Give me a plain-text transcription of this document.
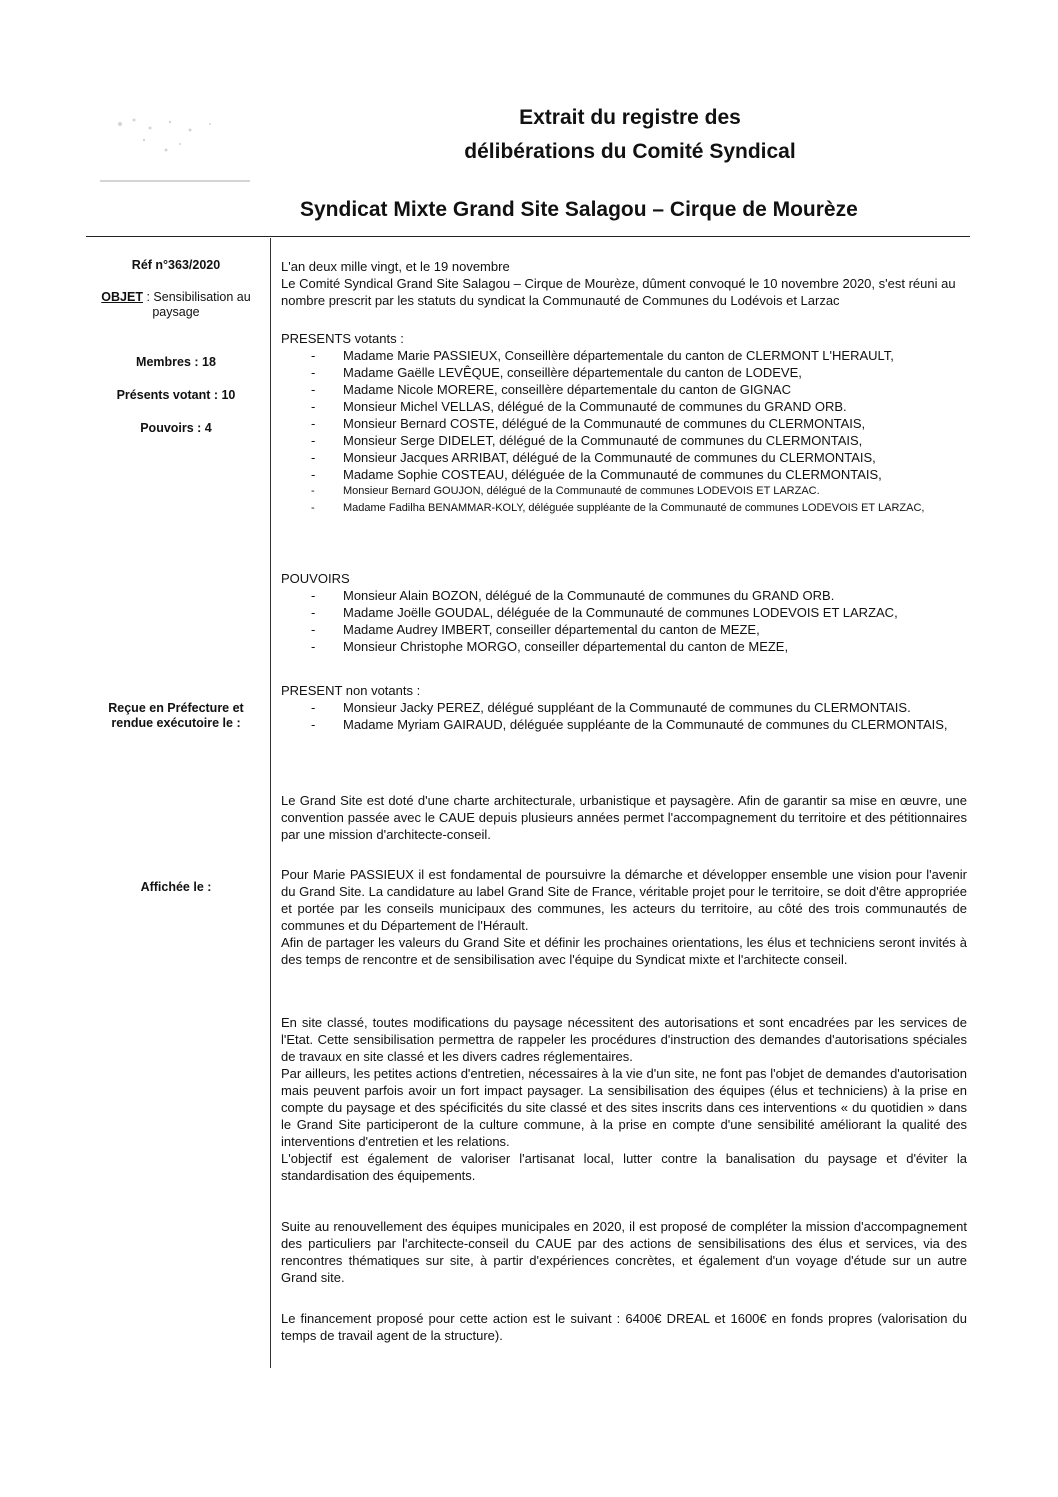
Extrait du registre des
délibérations du Comité Syndical
Syndicat Mixte Grand Site Salagou – Cirque de Mourèze
Réf n°363/2020
OBJET : Sensibilisation au paysage
Membres : 18
Présents votant : 10
Pouvoirs : 4
Reçue en Préfecture et rendue exécutoire le :
Affichée le :

L'an deux mille vingt, et le 19 novembre

Le Comité Syndical Grand Site Salagou – Cirque de Mourèze, dûment convoqué le 10 novembre 2020, s'est réuni au nombre prescrit par les statuts du syndicat la Communauté de Communes du Lodévois et Larzac

PRESENTS votants :

- Madame Marie PASSIEUX, Conseillère départementale du canton de CLERMONT L'HERAULT,
- Madame Gaëlle LEVÊQUE, conseillère départementale du canton de LODEVE,
- Madame Nicole MORERE, conseillère départementale du canton de GIGNAC
- Monsieur Michel VELLAS, délégué de la Communauté de communes du GRAND ORB.
- Monsieur Bernard COSTE, délégué de la Communauté de communes du CLERMONTAIS,
- Monsieur Serge DIDELET, délégué de la Communauté de communes du CLERMONTAIS,
- Monsieur Jacques ARRIBAT, délégué de la Communauté de communes du CLERMONTAIS,
- Madame Sophie COSTEAU, déléguée de la Communauté de communes du CLERMONTAIS,
- Monsieur Bernard GOUJON, délégué de la Communauté de communes LODEVOIS ET LARZAC.
- Madame Fadilha BENAMMAR-KOLY, déléguée suppléante de la Communauté de communes LODEVOIS ET LARZAC,

POUVOIRS

- Monsieur Alain BOZON, délégué de la Communauté de communes du GRAND ORB.
- Madame Joëlle GOUDAL, déléguée de la Communauté de communes LODEVOIS ET LARZAC,
- Madame Audrey IMBERT, conseiller départemental du canton de MEZE,
- Monsieur Christophe MORGO, conseiller départemental du canton de MEZE,

PRESENT non votants :

- Monsieur Jacky PEREZ, délégué suppléant de la Communauté de communes du CLERMONTAIS.
- Madame Myriam GAIRAUD, déléguée suppléante de la Communauté de communes du CLERMONTAIS,

Le Grand Site est doté d'une charte architecturale, urbanistique et paysagère. Afin de garantir sa mise en œuvre, une convention passée avec le CAUE depuis plusieurs années permet l'accompagnement du territoire et des pétitionnaires par une mission d'architecte-conseil.

Pour Marie PASSIEUX il est fondamental de poursuivre la démarche et développer ensemble une vision pour l'avenir du Grand Site. La candidature au label Grand Site de France, véritable projet pour le territoire, se doit d'être appropriée et portée par les conseils municipaux des communes, les acteurs du territoire, au côté des trois communautés de communes et du Département de l'Hérault.

Afin de partager les valeurs du Grand Site et définir les prochaines orientations, les élus et techniciens seront invités à des temps de rencontre et de sensibilisation avec l'équipe du Syndicat mixte et l'architecte conseil.

En site classé, toutes modifications du paysage nécessitent des autorisations et sont encadrées par les services de l'Etat. Cette sensibilisation permettra de rappeler les procédures d'instruction des demandes d'autorisations spéciales de travaux en site classé et les divers cadres réglementaires.

Par ailleurs, les petites actions d'entretien, nécessaires à la vie d'un site, ne font pas l'objet de demandes d'autorisation mais peuvent parfois avoir un fort impact paysager. La sensibilisation des équipes (élus et techniciens) à la prise en compte du paysage et des spécificités du site classé et des sites inscrits dans ces interventions « du quotidien » dans le Grand Site participeront de la culture commune, à la prise en compte d'une sensibilité améliorant la qualité des interventions d'entretien et les relations.

L'objectif est également de valoriser l'artisanat local, lutter contre la banalisation du paysage et d'éviter la standardisation des équipements.

Suite au renouvellement des équipes municipales en 2020, il est proposé de compléter la mission d'accompagnement des particuliers par l'architecte-conseil du CAUE par des actions de sensibilisations des élus et services, via des rencontres thématiques sur site, à partir d'expériences concrètes, et également d'un voyage d'étude sur un autre Grand site.

Le financement proposé pour cette action est le suivant : 6400€ DREAL et 1600€ en fonds propres (valorisation du temps de travail agent de la structure).
